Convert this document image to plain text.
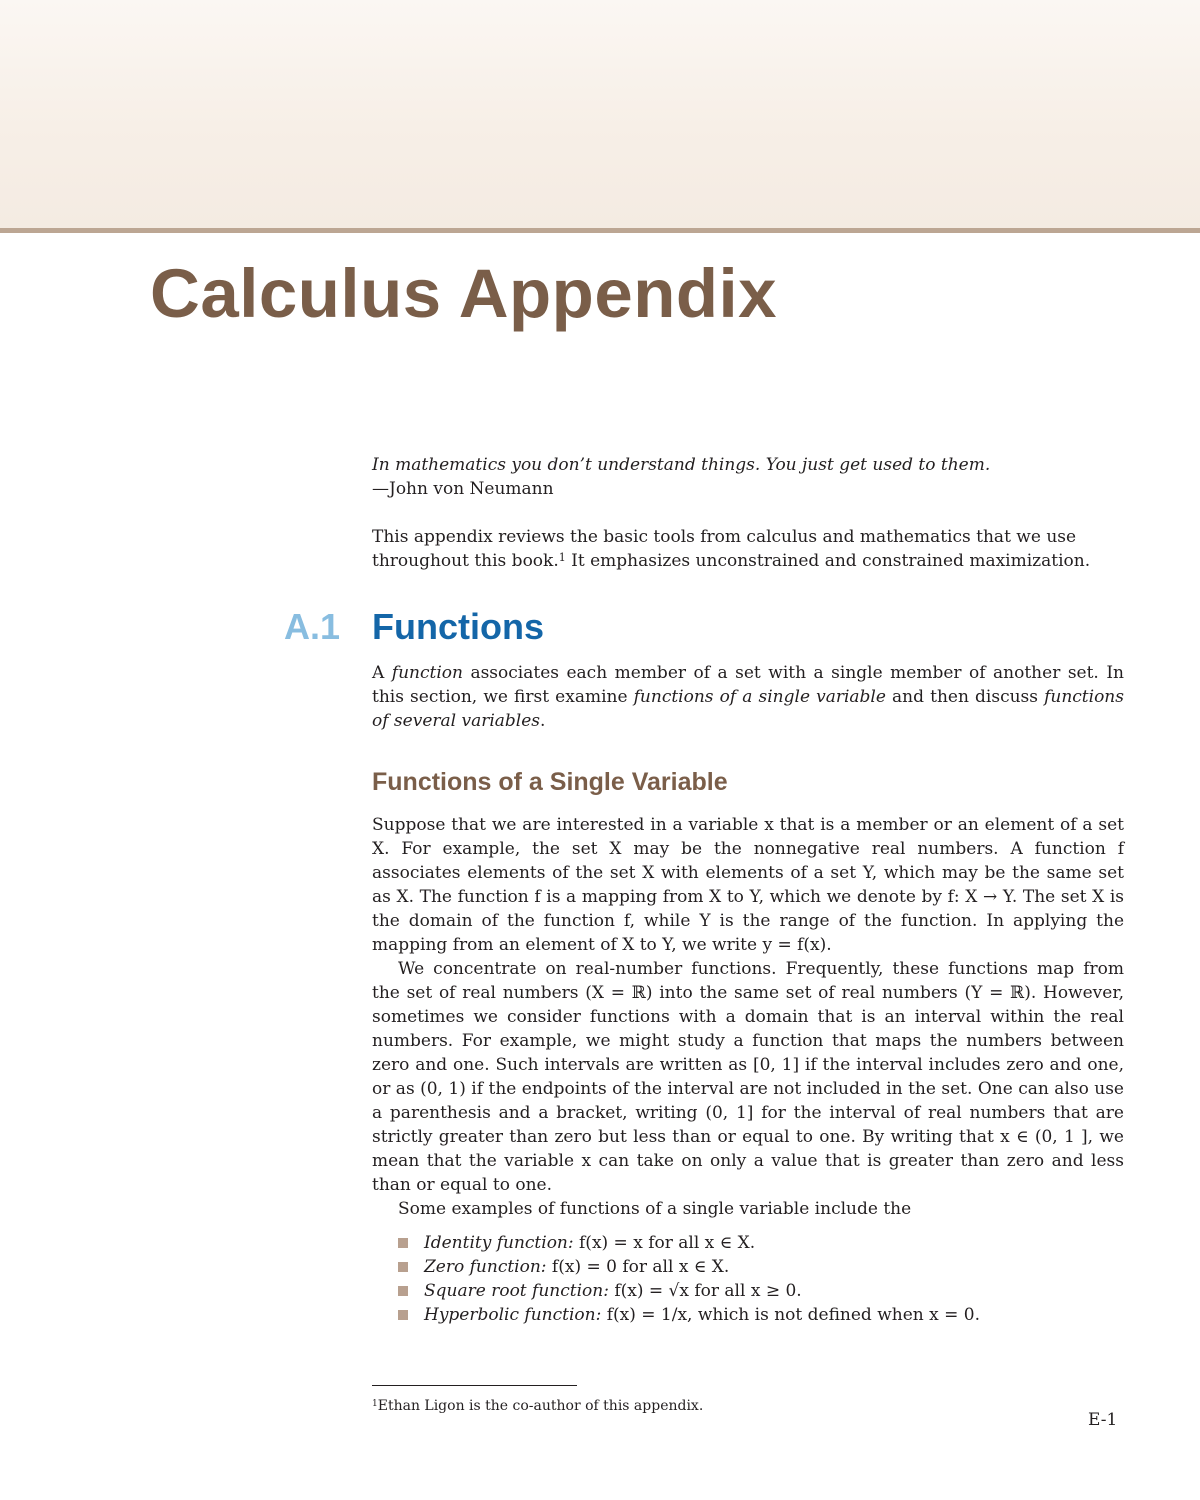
Calculus Appendix

In mathematics you don’t understand things. You just get used to them.

—John von Neumann

This appendix reviews the basic tools from calculus and mathematics that we use throughout this book.$^1$ It emphasizes unconstrained and constrained maximization.

A.1 Functions

A function associates each member of a set with a single member of another set. In this section, we first examine functions of a single variable and then discuss functions of several variables.

Functions of a Single Variable

Suppose that we are interested in a variable x that is a member or an element of a set X. For example, the set X may be the nonnegative real numbers. A function f associates elements of the set X with elements of a set Y, which may be the same set as X. The function f is a mapping from X to Y, which we denote by f: X → Y. The set X is the domain of the function f, while Y is the range of the function. In applying the mapping from an element of X to Y, we write y = f(x).

We concentrate on real-number functions. Frequently, these functions map from the set of real numbers (X = ℝ) into the same set of real numbers (Y = ℝ). However, sometimes we consider functions with a domain that is an interval within the real numbers. For example, we might study a function that maps the numbers between zero and one. Such intervals are written as [0, 1] if the interval includes zero and one, or as (0, 1) if the endpoints of the interval are not included in the set. One can also use a parenthesis and a bracket, writing (0, 1] for the interval of real numbers that are strictly greater than zero but less than or equal to one. By writing that x ∈ (0, 1 ], we mean that the variable x can take on only a value that is greater than zero and less than or equal to one.

Some examples of functions of a single variable include the

Identity function: f(x) = x for all x ∈ X.
Zero function: f(x) = 0 for all x ∈ X.
Square root function: f(x) = √x for all x ≥ 0.
Hyperbolic function: f(x) = 1/x, which is not defined when x = 0.

$^1$Ethan Ligon is the co-author of this appendix.

E-1
